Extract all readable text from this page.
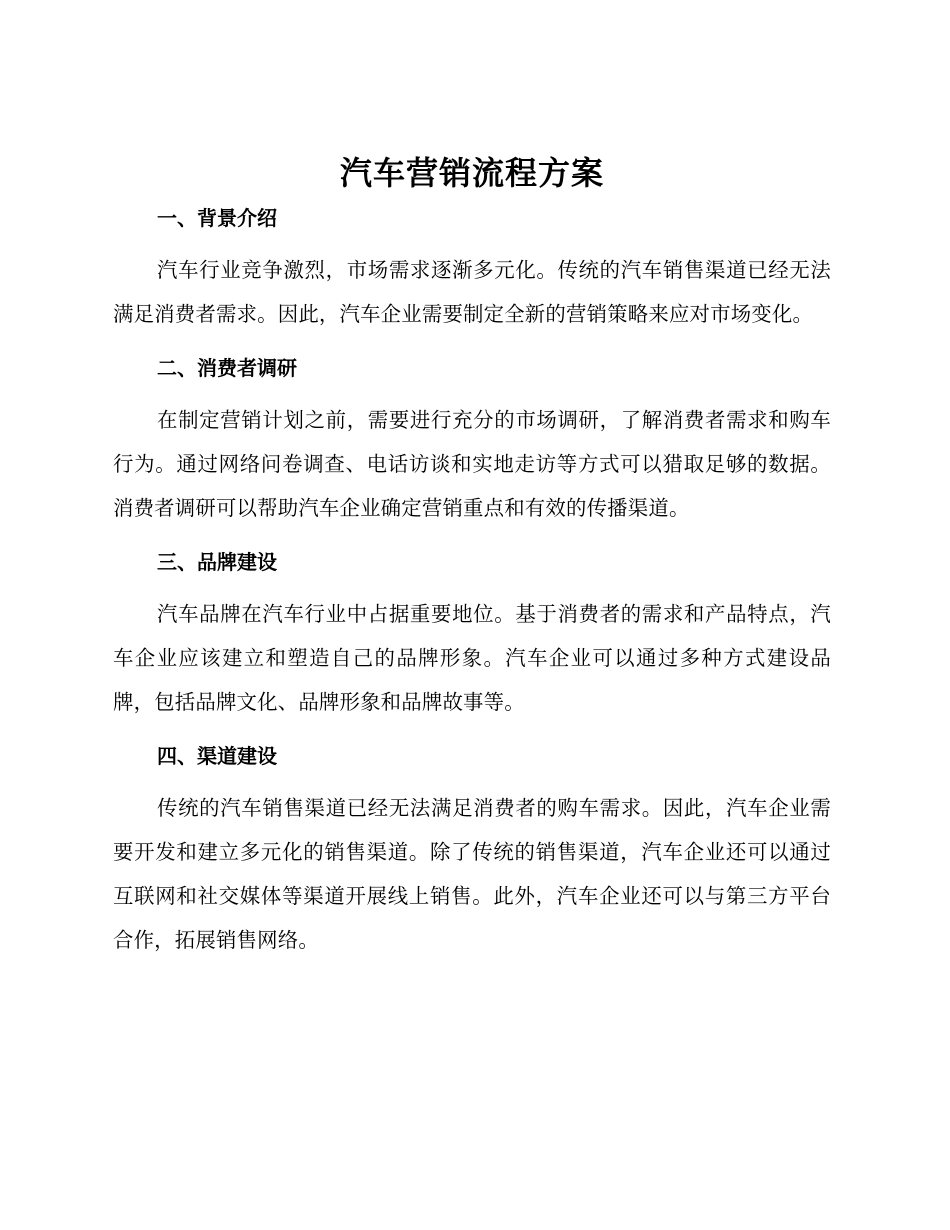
汽车营销流程方案
一、背景介绍

汽车行业竞争激烈，市场需求逐渐多元化。传统的汽车销售渠道已经无法满足消费者需求。因此，汽车企业需要制定全新的营销策略来应对市场变化。

二、消费者调研

在制定营销计划之前，需要进行充分的市场调研，了解消费者需求和购车行为。通过网络问卷调查、电话访谈和实地走访等方式可以猎取足够的数据。消费者调研可以帮助汽车企业确定营销重点和有效的传播渠道。

三、品牌建设

汽车品牌在汽车行业中占据重要地位。基于消费者的需求和产品特点，汽车企业应该建立和塑造自己的品牌形象。汽车企业可以通过多种方式建设品牌，包括品牌文化、品牌形象和品牌故事等。

四、渠道建设

传统的汽车销售渠道已经无法满足消费者的购车需求。因此，汽车企业需要开发和建立多元化的销售渠道。除了传统的销售渠道，汽车企业还可以通过互联网和社交媒体等渠道开展线上销售。此外，汽车企业还可以与第三方平台合作，拓展销售网络。
